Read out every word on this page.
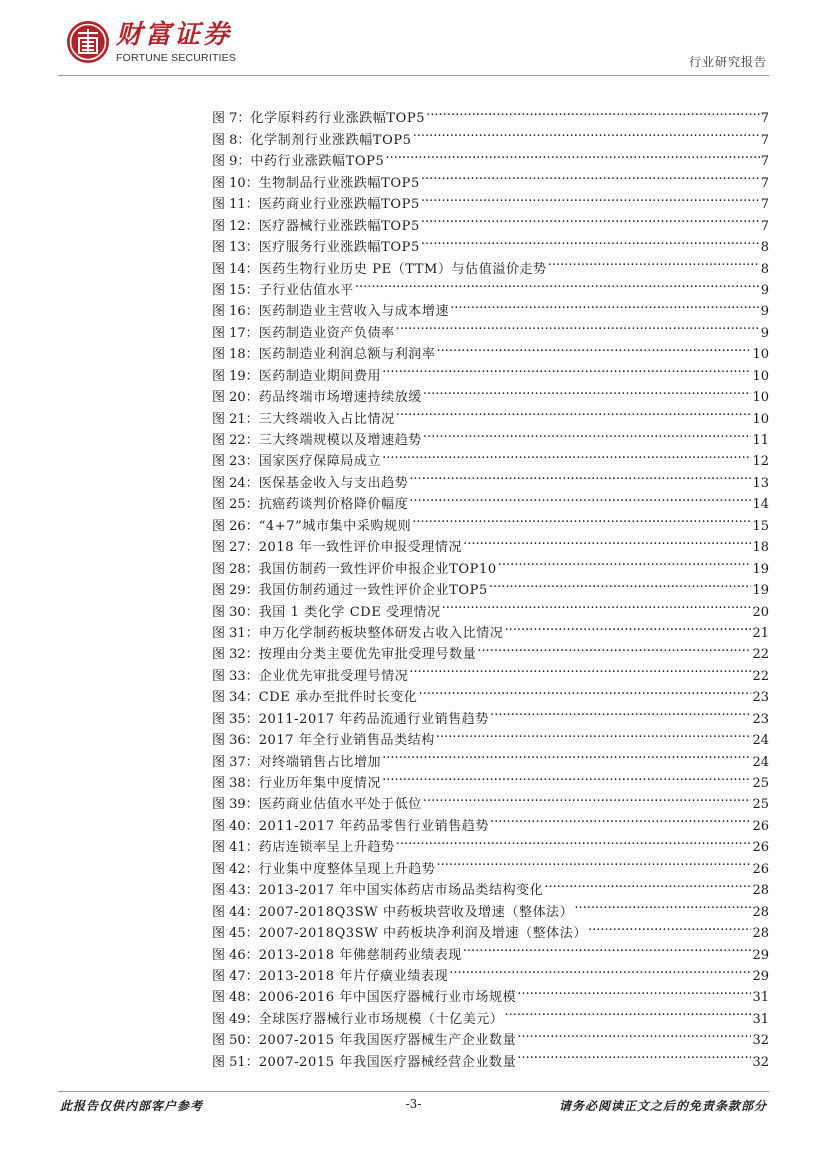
财富证券
FORTUNE SECURITIES	行业研究报告
图 7： 化学原料药行业涨跌幅TOP5 .....	7
图 8： 化学制剂行业涨跌幅TOP5 .....	7
图 9： 中药行业涨跌幅TOP5 .....	7
图 10： 生物制品行业涨跌幅TOP5 .....	7
图 11： 医药商业行业涨跌幅TOP5 .....	7
图 12： 医疗器械行业涨跌幅TOP5 .....	7
图 13： 医疗服务行业涨跌幅TOP5 .....	8
图 14： 医药生物行业历史 PE（TTM）与估值溢价走势 .....	8
图 15： 子行业估值水平 .....	9
图 16： 医药制造业主营收入与成本增速 .....	9
图 17： 医药制造业资产负债率 .....	9
图 18： 医药制造业利润总额与利润率 .....	10
图 19： 医药制造业期间费用 .....	10
图 20： 药品终端市场增速持续放缓 .....	10
图 21： 三大终端收入占比情况 .....	10
图 22： 三大终端规模以及增速趋势 .....	11
图 23： 国家医疗保障局成立 .....	12
图 24： 医保基金收入与支出趋势 .....	13
图 25： 抗癌药谈判价格降价幅度 .....	14
图 26： “4+7”城市集中采购规则 .....	15
图 27： 2018 年一致性评价申报受理情况 .....	18
图 28： 我国仿制药一致性评价申报企业TOP10 .....	19
图 29： 我国仿制药通过一致性评价企业TOP5 .....	19
图 30： 我国 1 类化学 CDE 受理情况 .....	20
图 31： 申万化学制药板块整体研发占收入比情况 .....	21
图 32： 按理由分类主要优先审批受理号数量 .....	22
图 33： 企业优先审批受理号情况 .....	22
图 34： CDE 承办至批件时长变化 .....	23
图 35： 2011-2017 年药品流通行业销售趋势 .....	23
图 36： 2017 年全行业销售品类结构 .....	24
图 37： 对终端销售占比增加 .....	24
图 38： 行业历年集中度情况 .....	25
图 39： 医药商业估值水平处于低位 .....	25
图 40： 2011-2017 年药品零售行业销售趋势 .....	26
图 41： 药店连锁率呈上升趋势 .....	26
图 42： 行业集中度整体呈现上升趋势 .....	26
图 43： 2013-2017 年中国实体药店市场品类结构变化 .....	28
图 44： 2007-2018Q3SW 中药板块营收及增速（整体法） .....	28
图 45： 2007-2018Q3SW 中药板块净利润及增速（整体法） .....	28
图 46： 2013-2018 年佛慈制药业绩表现 .....	29
图 47： 2013-2018 年片仔癀业绩表现 .....	29
图 48： 2006-2016 年中国医疗器械行业市场规模 .....	31
图 49： 全球医疗器械行业市场规模（十亿美元） .....	31
图 50： 2007-2015 年我国医疗器械生产企业数量 .....	32
图 51： 2007-2015 年我国医疗器械经营企业数量 .....	32
此报告仅供内部客户参考	-3-	请务必阅读正文之后的免责条款部分
